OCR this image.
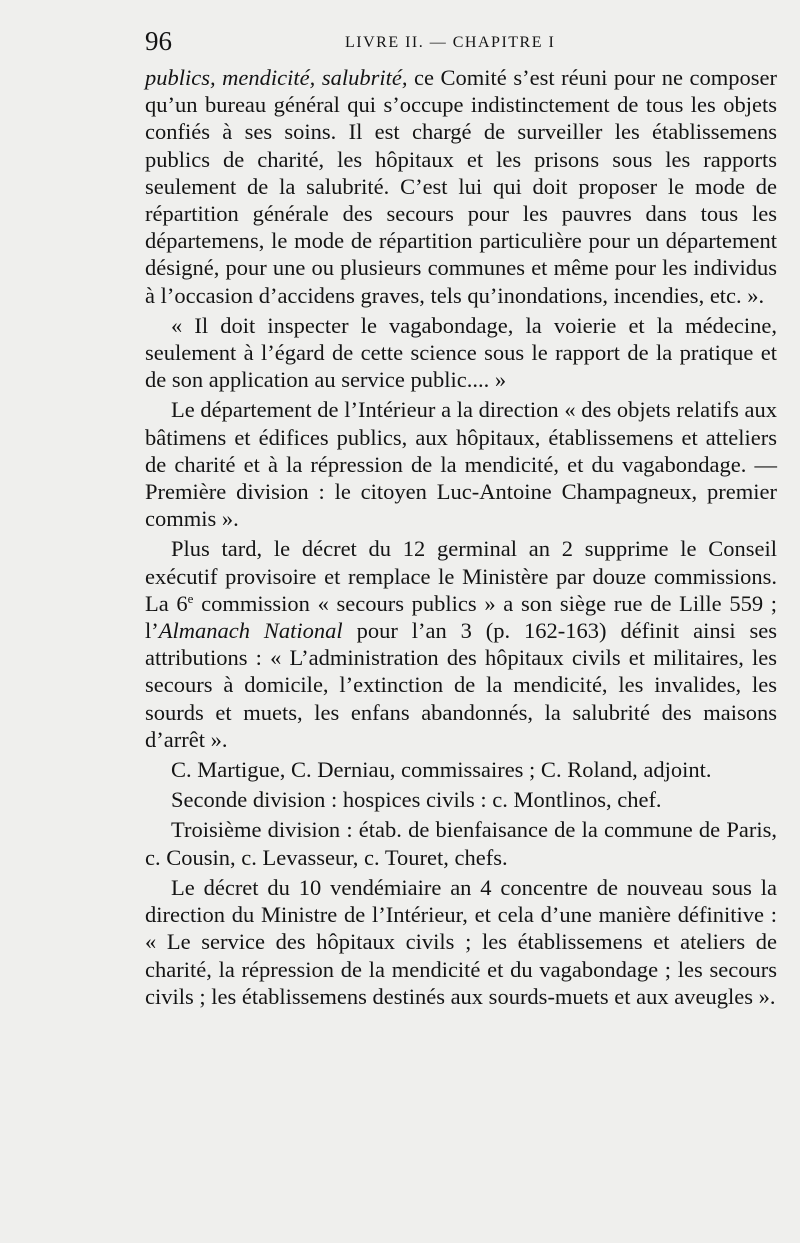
96	LIVRE II. — CHAPITRE I

publics, mendicité, salubrité, ce Comité s’est réuni pour ne composer qu’un bureau général qui s’occupe indistinctement de tous les objets confiés à ses soins. Il est chargé de surveiller les établissemens publics de charité, les hôpitaux et les prisons sous les rapports seulement de la salubrité. C’est lui qui doit proposer le mode de répartition générale des secours pour les pauvres dans tous les départemens, le mode de répartition particulière pour un département désigné, pour une ou plusieurs communes et même pour les individus à l’occasion d’accidens graves, tels qu’inondations, incendies, etc. ».

« Il doit inspecter le vagabondage, la voierie et la médecine, seulement à l’égard de cette science sous le rapport de la pratique et de son application au service public.... »

Le département de l’Intérieur a la direction « des objets relatifs aux bâtimens et édifices publics, aux hôpitaux, établissemens et atteliers de charité et à la répression de la mendicité, et du vagabondage. — Première division : le citoyen Luc-Antoine Champagneux, premier commis ».

Plus tard, le décret du 12 germinal an 2 supprime le Conseil exécutif provisoire et remplace le Ministère par douze commissions. La 6e commission « secours publics » a son siège rue de Lille 559 ; l’Almanach National pour l’an 3 (p. 162-163) définit ainsi ses attributions : « L’administration des hôpitaux civils et militaires, les secours à domicile, l’extinction de la mendicité, les invalides, les sourds et muets, les enfans abandonnés, la salubrité des maisons d’arrêt ».

C. Martigue, C. Derniau, commissaires ; C. Roland, adjoint.

Seconde division : hospices civils : c. Montlinos, chef.

Troisième division : étab. de bienfaisance de la commune de Paris, c. Cousin, c. Levasseur, c. Touret, chefs.

Le décret du 10 vendémiaire an 4 concentre de nouveau sous la direction du Ministre de l’Intérieur, et cela d’une manière définitive : « Le service des hôpitaux civils ; les établissemens et ateliers de charité, la répression de la mendicité et du vagabondage ; les secours civils ; les établissemens destinés aux sourds-muets et aux aveugles ».
